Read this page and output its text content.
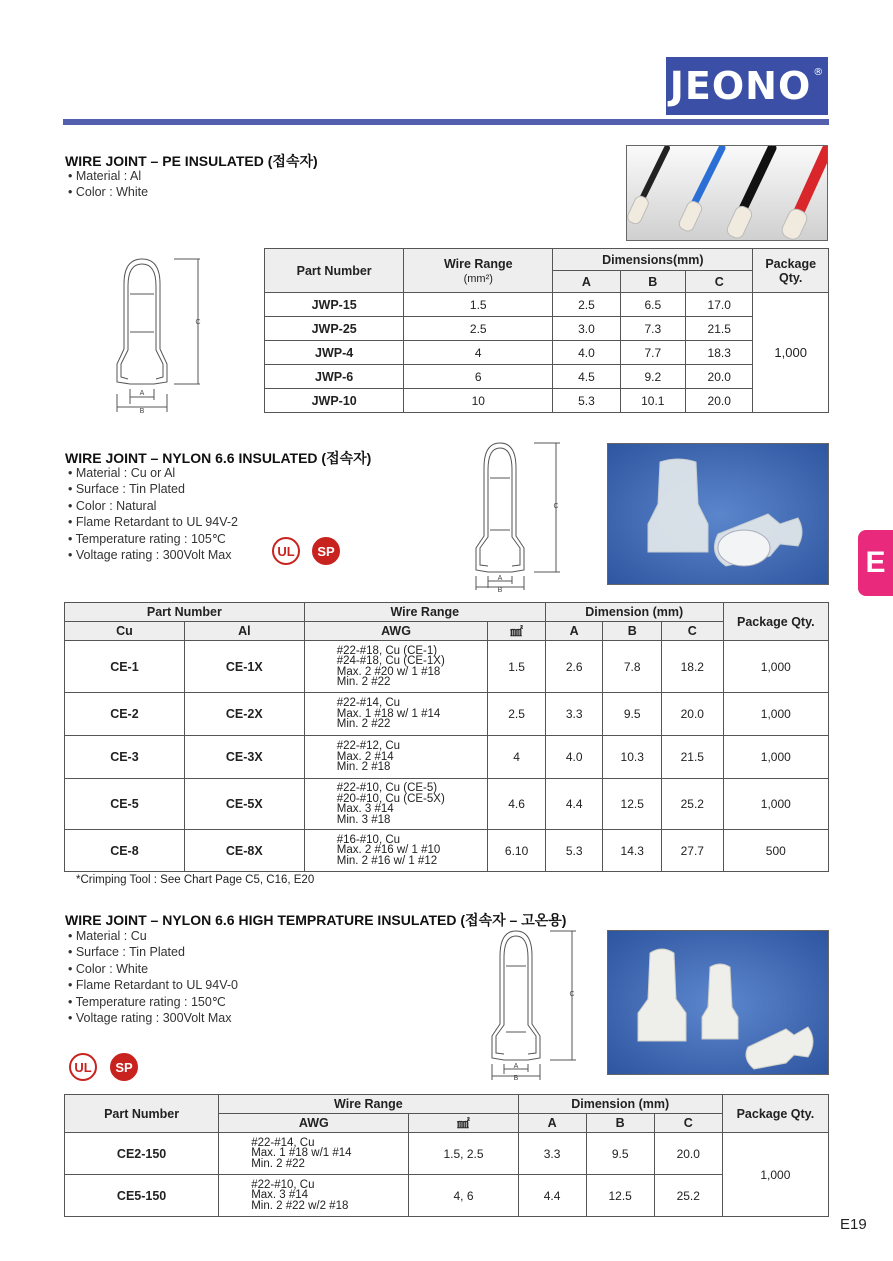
JEONO®
E
WIRE JOINT – PE INSULATED (접속자)
• Material : Al
• Color : White
C
A
B
Part Number	Wire Range
(mm²)	Dimensions(mm)			Package Qty.
		A	B	C	
JWP-15	1.5	2.5	6.5	17.0	1,000
JWP-25	2.5	3.0	7.3	21.5	
JWP-4	4	4.0	7.7	18.3	
JWP-6	6	4.5	9.2	20.0	
JWP-10	10	5.3	10.1	20.0	
WIRE JOINT – NYLON 6.6 INSULATED (접속자)
• Material : Cu or Al
• Surface : Tin Plated
• Color : Natural
• Flame Retardant to UL 94V-2
• Temperature rating : 105℃
• Voltage rating : 300Volt Max	UL SP
C
A
B
Part Number		Wire Range		Dimension (mm)			Package Qty.
Cu	Al	AWG	㎟	A	B	C	
CE-1	CE-1X	#22-#18, Cu (CE-1)
#24-#18, Cu (CE-1X)
Max. 2 #20 w/ 1 #18
Min. 2 #22	1.5	2.6	7.8	18.2	1,000
CE-2	CE-2X	#22-#14, Cu
Max. 1 #18 w/ 1 #14
Min. 2 #22	2.5	3.3	9.5	20.0	1,000
CE-3	CE-3X	#22-#12, Cu
Max. 2 #14
Min. 2 #18	4	4.0	10.3	21.5	1,000
CE-5	CE-5X	#22-#10, Cu (CE-5)
#20-#10, Cu (CE-5X)
Max. 3 #14
Min. 3 #18	4.6	4.4	12.5	25.2	1,000
CE-8	CE-8X	#16-#10, Cu
Max. 2 #16 w/ 1 #10
Min. 2 #16 w/ 1 #12	6.10	5.3	14.3	27.7	500
*Crimping Tool : See Chart Page C5, C16, E20
WIRE JOINT – NYLON 6.6 HIGH TEMPRATURE INSULATED (접속자 – 고온용)
• Material : Cu
• Surface : Tin Plated
• Color : White
• Flame Retardant to UL 94V-0
• Temperature rating : 150℃
• Voltage rating : 300Volt Max
UL SP
C
A
B
Part Number	Wire Range		Dimension (mm)			Package Qty.
	AWG	㎟	A	B	C	
CE2-150	#22-#14, Cu
Max. 1 #18 w/1 #14
Min. 2 #22	1.5, 2.5	3.3	9.5	20.0	1,000
CE5-150	#22-#10, Cu
Max. 3 #14
Min. 2 #22 w/2 #18	4, 6	4.4	12.5	25.2	
E19
